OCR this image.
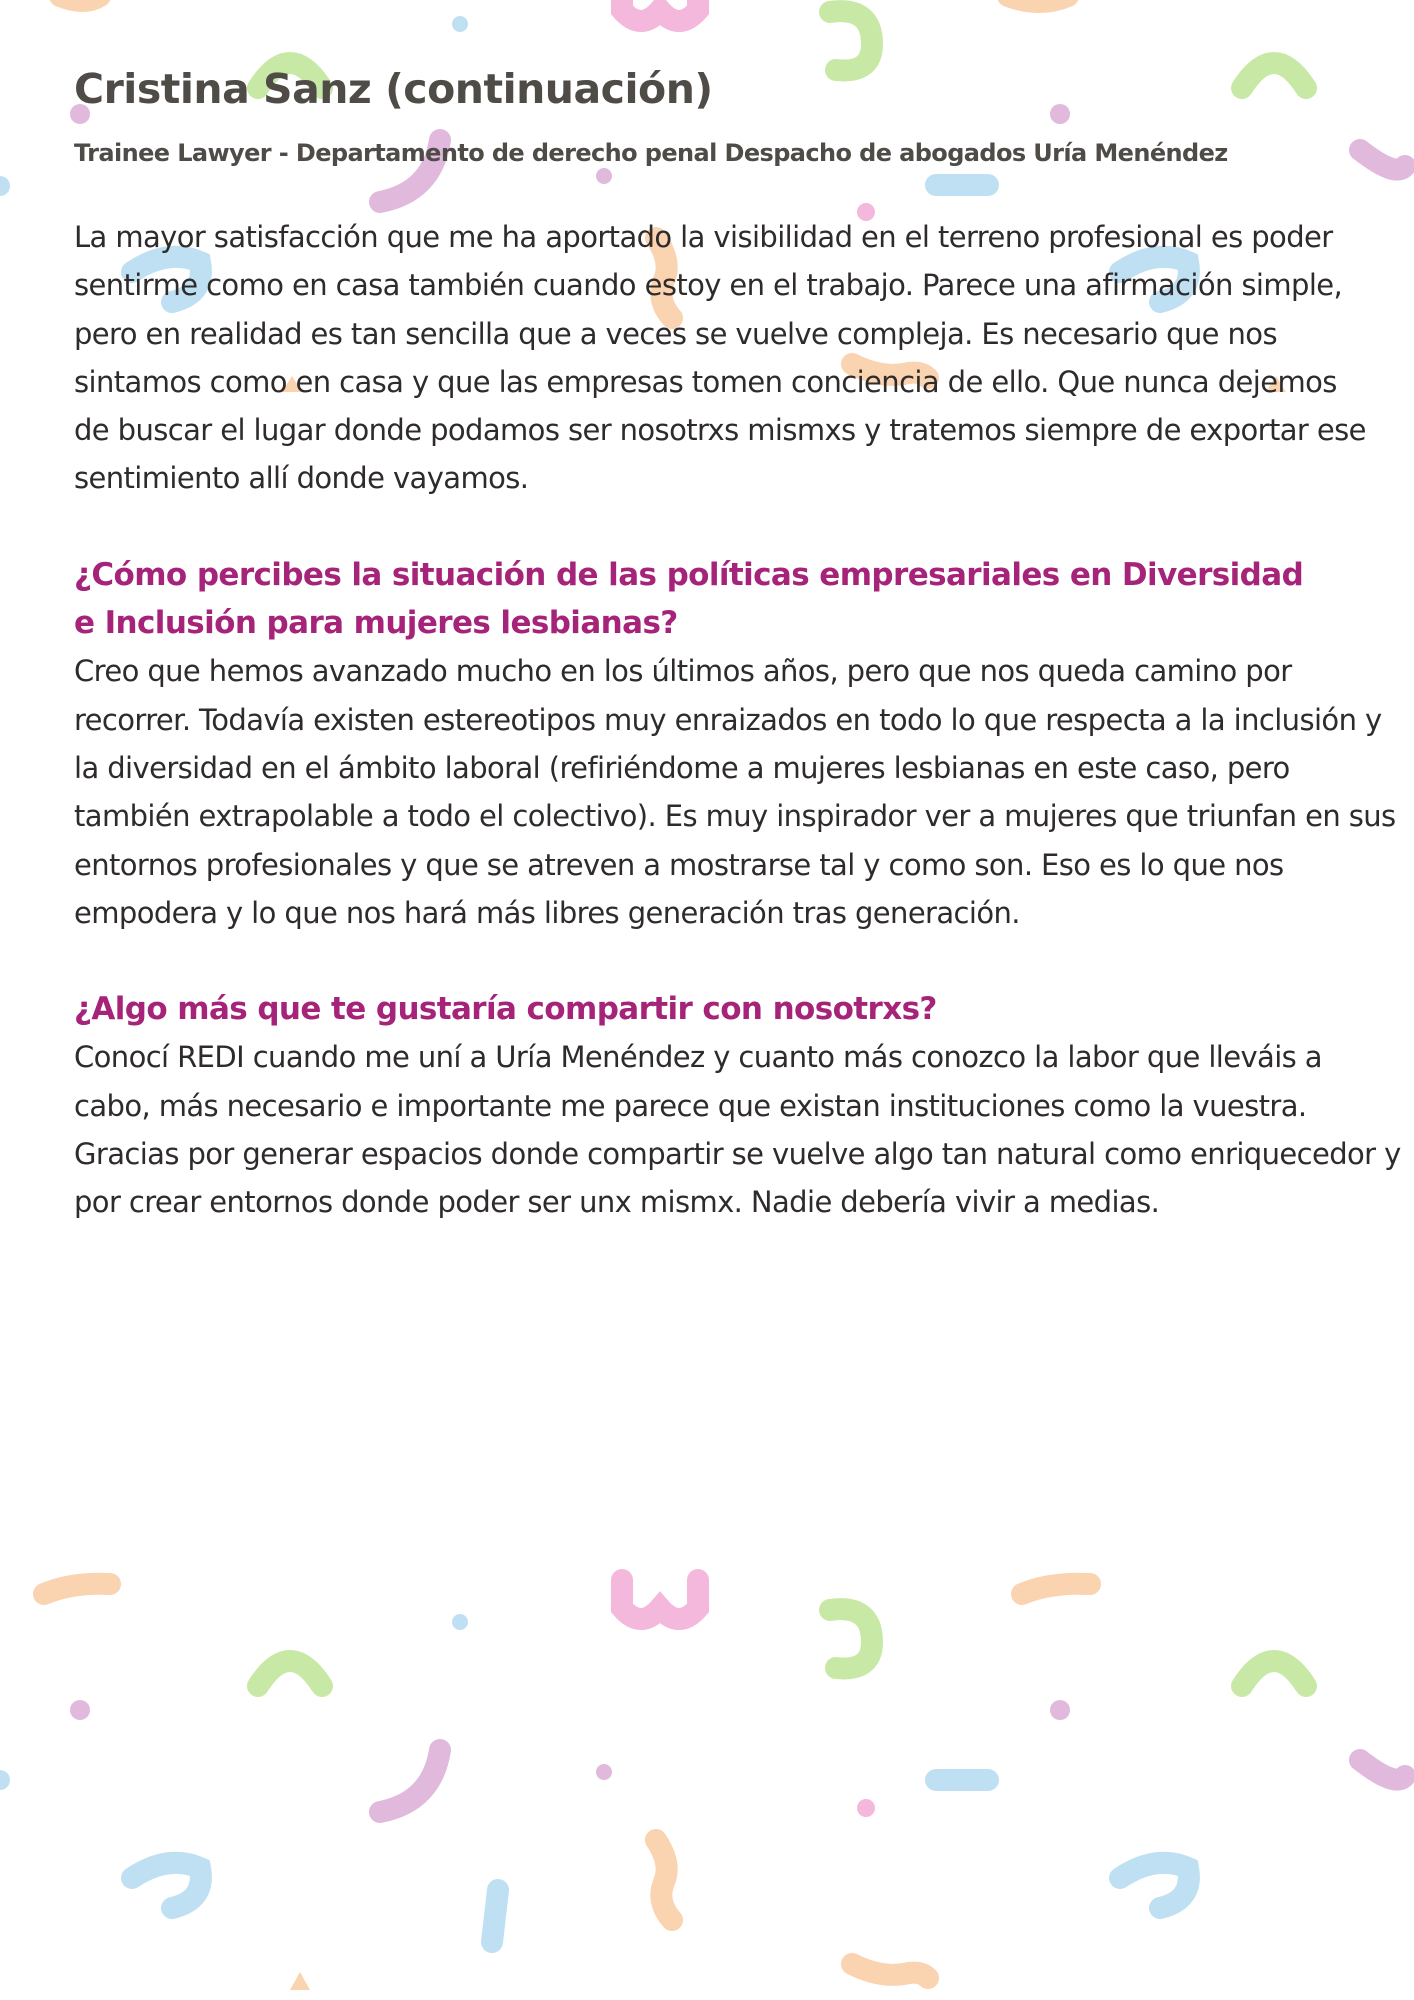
Cristina Sanz (continuación)

Trainee Lawyer - Departamento de derecho penal Despacho de abogados Uría Menéndez

La mayor satisfacción que me ha aportado la visibilidad en el terreno profesional es poder sentirme como en casa también cuando estoy en el trabajo. Parece una afirmación simple, pero en realidad es tan sencilla que a veces se vuelve compleja. Es necesario que nos sintamos como en casa y que las empresas tomen conciencia de ello. Que nunca dejemos de buscar el lugar donde podamos ser nosotrxs mismxs y tratemos siempre de exportar ese sentimiento allí donde vayamos.

¿Cómo percibes la situación de las políticas empresariales en Diversidad e Inclusión para mujeres lesbianas?

Creo que hemos avanzado mucho en los últimos años, pero que nos queda camino por recorrer. Todavía existen estereotipos muy enraizados en todo lo que respecta a la inclusión y la diversidad en el ámbito laboral (refiriéndome a mujeres lesbianas en este caso, pero también extrapolable a todo el colectivo). Es muy inspirador ver a mujeres que triunfan en sus entornos profesionales y que se atreven a mostrarse tal y como son. Eso es lo que nos empodera y lo que nos hará más libres generación tras generación.

¿Algo más que te gustaría compartir con nosotrxs?

Conocí REDI cuando me uní a Uría Menéndez y cuanto más conozco la labor que lleváis a cabo, más necesario e importante me parece que existan instituciones como la vuestra. Gracias por generar espacios donde compartir se vuelve algo tan natural como enriquecedor y por crear entornos donde poder ser unx mismx. Nadie debería vivir a medias.
